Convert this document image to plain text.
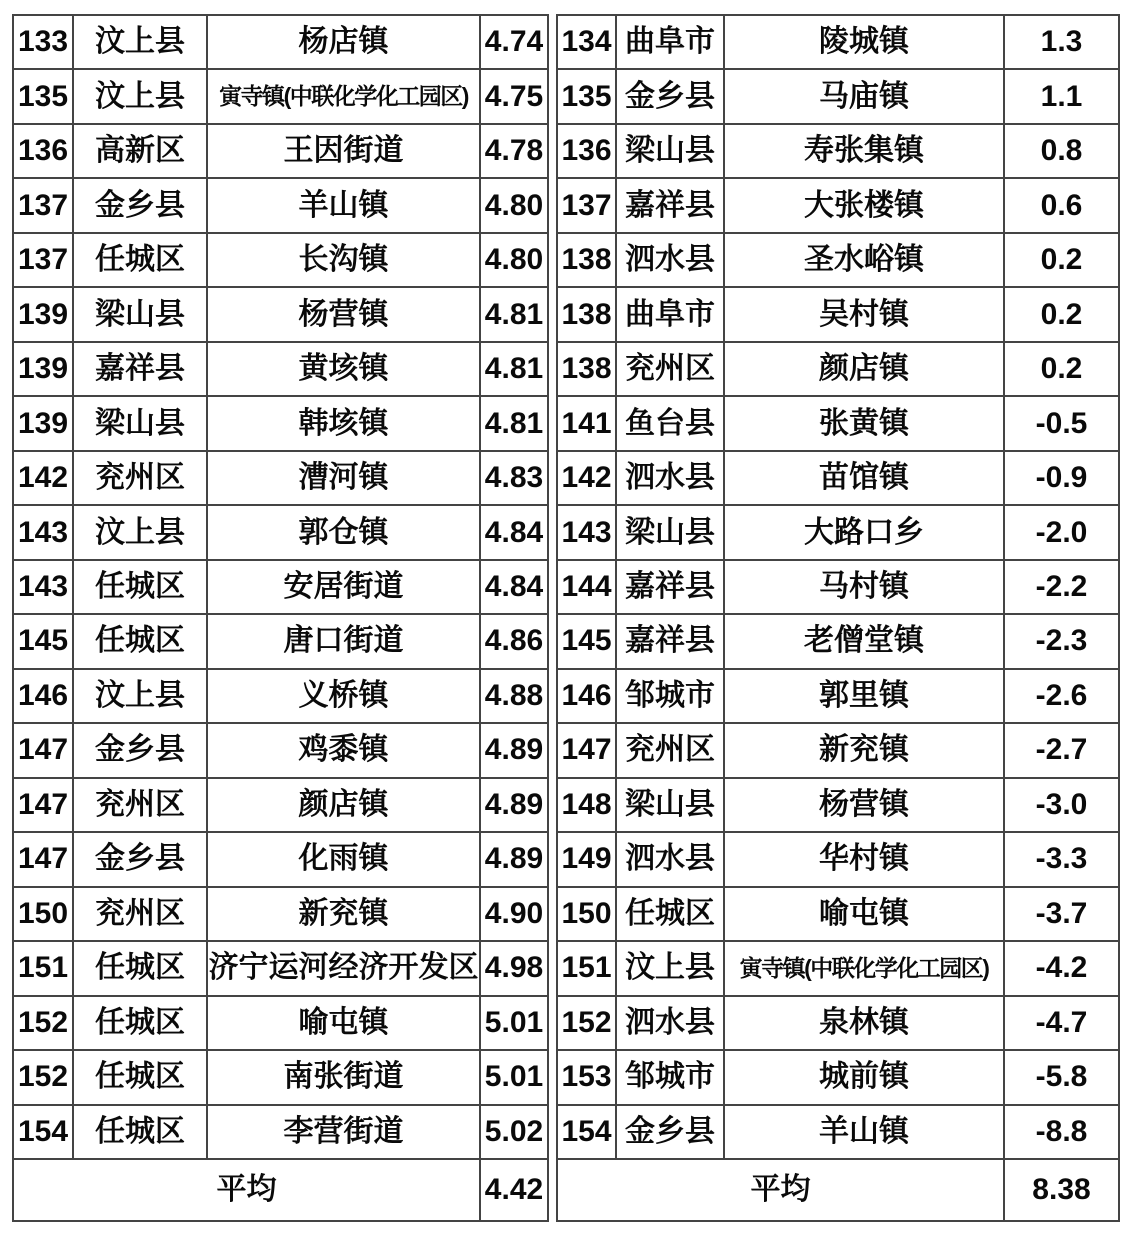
133 汶上县	杨店镇	4.74
135 汶上县	寅寺镇(中联化学化工园区) 4.75
136 高新区	王因街道	4.78
137 金乡县	羊山镇	4.80
137 任城区	长沟镇	4.80
139 梁山县	杨营镇	4.81
139 嘉祥县	黄垓镇	4.81
139 梁山县	韩垓镇	4.81
142 兖州区	漕河镇	4.83
143 汶上县	郭仓镇	4.84
143 任城区	安居街道	4.84
145 任城区	唐口街道	4.86
146 汶上县	义桥镇	4.88
147 金乡县	鸡黍镇	4.89
147 兖州区	颜店镇	4.89
147 金乡县	化雨镇	4.89
150 兖州区	新兖镇	4.90
151 任城区 济宁运河经济开发区 4.98
152 任城区	喻屯镇	5.01
152 任城区	南张街道	5.01
154 任城区	李营街道	5.02
平均	4.42
134 曲阜市	陵城镇	1.3
135 金乡县	马庙镇	1.1
136 梁山县	寿张集镇	0.8
137 嘉祥县	大张楼镇	0.6
138 泗水县	圣水峪镇	0.2
138 曲阜市	吴村镇	0.2
138 兖州区	颜店镇	0.2
141 鱼台县	张黄镇	-0.5
142 泗水县	苗馆镇	-0.9
143 梁山县	大路口乡	-2.0
144 嘉祥县	马村镇	-2.2
145 嘉祥县	老僧堂镇	-2.3
146 邹城市	郭里镇	-2.6
147 兖州区	新兖镇	-2.7
148 梁山县	杨营镇	-3.0
149 泗水县	华村镇	-3.3
150 任城区	喻屯镇	-3.7
151 汶上县	寅寺镇(中联化学化工园区)	-4.2
152 泗水县	泉林镇	-4.7
153 邹城市	城前镇	-5.8
154 金乡县	羊山镇	-8.8
平均	8.38
